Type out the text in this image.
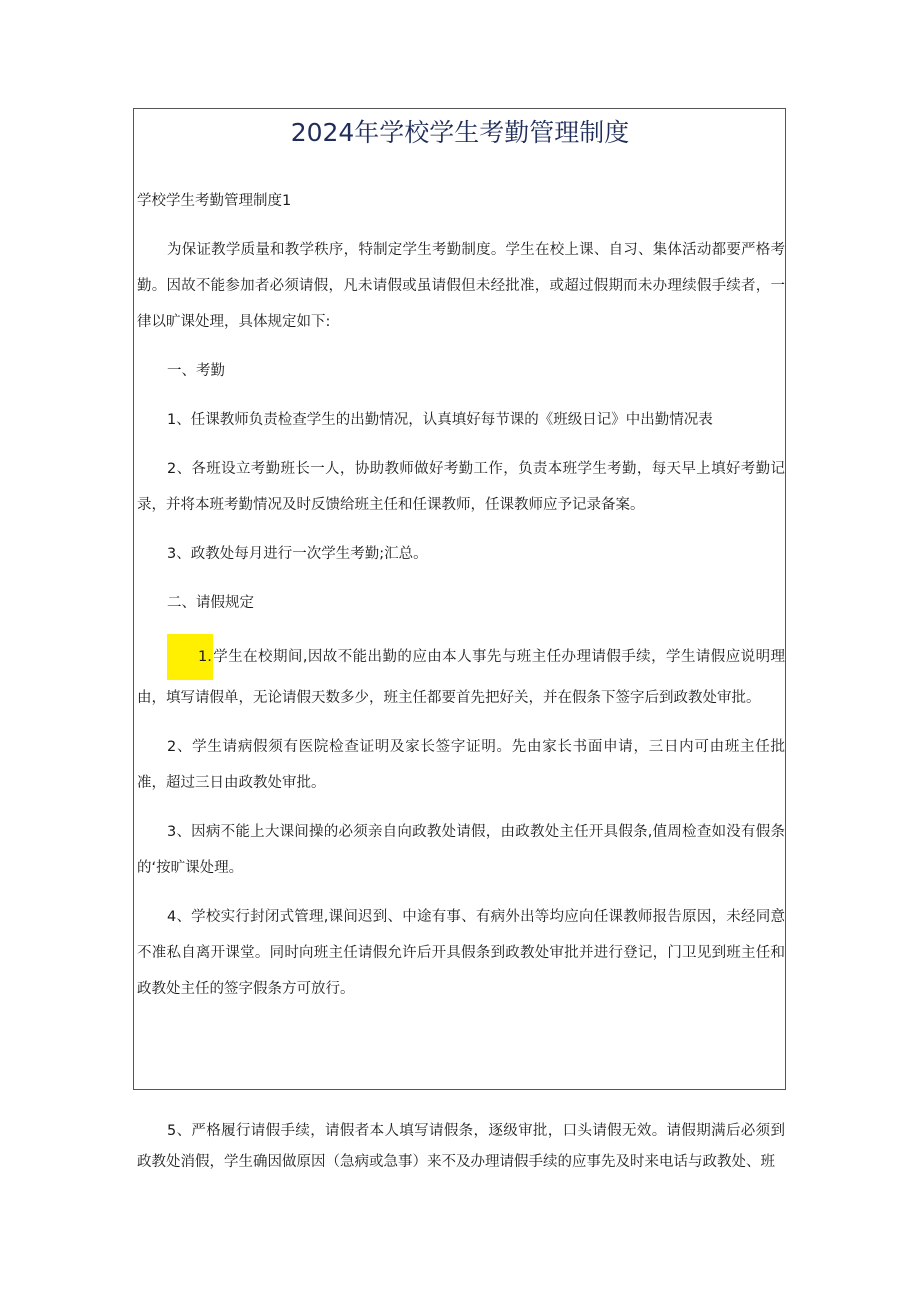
2024年学校学生考勤管理制度

学校学生考勤管理制度1

为保证教学质量和教学秩序，特制定学生考勤制度。学生在校上课、自习、集体活动都要严格考勤。因故不能参加者必须请假，凡未请假或虽请假但未经批准，或超过假期而未办理续假手续者，一律以旷课处理，具体规定如下:

一、考勤

1、任课教师负责检查学生的出勤情况，认真填好每节课的《班级日记》中出勤情况表

2、各班设立考勤班长一人，协助教师做好考勤工作，负责本班学生考勤，每天早上填好考勤记录，并将本班考勤情况及时反馈给班主任和任课教师，任课教师应予记录备案。

3、政教处每月进行一次学生考勤;汇总。

二、请假规定

1.学生在校期间,因故不能出勤的应由本人事先与班主任办理请假手续，学生请假应说明理由，填写请假单，无论请假天数多少，班主任都要首先把好关，并在假条下签字后到政教处审批。

2、学生请病假须有医院检查证明及家长签字证明。先由家长书面申请，三日内可由班主任批准，超过三日由政教处审批。

3、因病不能上大课间操的必须亲自向政教处请假，由政教处主任开具假条,值周检查如没有假条的‘按旷课处理。

4、学校实行封闭式管理,课间迟到、中途有事、有病外出等均应向任课教师报告原因，未经同意不准私自离开课堂。同时向班主任请假允许后开具假条到政教处审批并进行登记，门卫见到班主任和政教处主任的签字假条方可放行。

5、严格履行请假手续，请假者本人填写请假条，逐级审批，口头请假无效。请假期满后必须到政教处消假，学生确因做原因（急病或急事）来不及办理请假手续的应事先及时来电话与政教处、班
